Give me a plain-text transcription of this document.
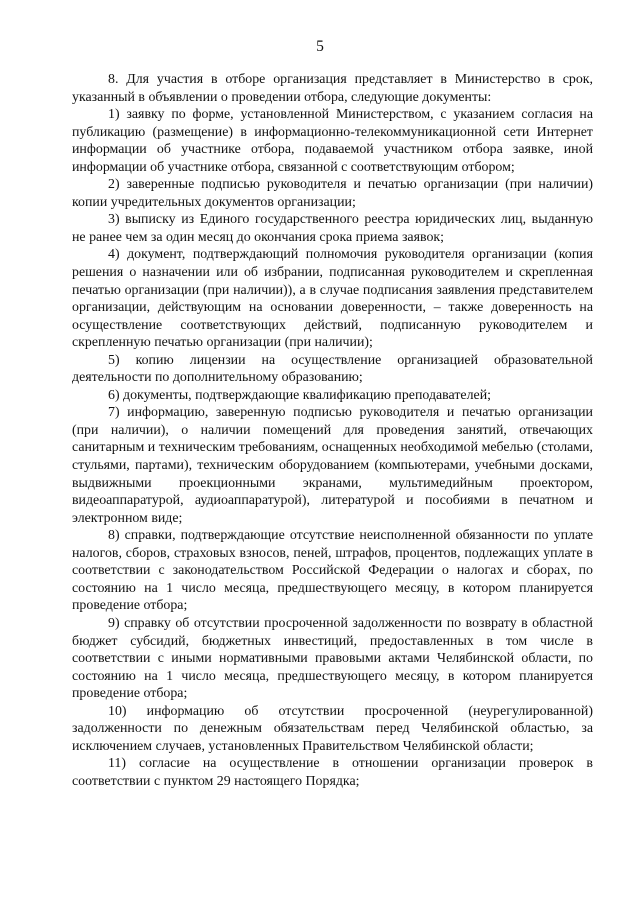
5

8. Для участия в отборе организация представляет в Министерство в срок, указанный в объявлении о проведении отбора, следующие документы:

1) заявку по форме, установленной Министерством, с указанием согласия на публикацию (размещение) в информационно-телекоммуникационной сети Интернет информации об участнике отбора, подаваемой участником отбора заявке, иной информации об участнике отбора, связанной с соответствующим отбором;

2) заверенные подписью руководителя и печатью организации (при наличии) копии учредительных документов организации;

3) выписку из Единого государственного реестра юридических лиц, выданную не ранее чем за один месяц до окончания срока приема заявок;

4) документ, подтверждающий полномочия руководителя организации (копия решения о назначении или об избрании, подписанная руководителем и скрепленная печатью организации (при наличии)), а в случае подписания заявления представителем организации, действующим на основании доверенности, – также доверенность на осуществление соответствующих действий, подписанную руководителем и скрепленную печатью организации (при наличии);

5) копию лицензии на осуществление организацией образовательной деятельности по дополнительному образованию;

6) документы, подтверждающие квалификацию преподавателей;

7) информацию, заверенную подписью руководителя и печатью организации (при наличии), о наличии помещений для проведения занятий, отвечающих санитарным и техническим требованиям, оснащенных необходимой мебелью (столами, стульями, партами), техническим оборудованием (компьютерами, учебными досками, выдвижными проекционными экранами, мультимедийным проектором, видеоаппаратурой, аудиоаппаратурой), литературой и пособиями в печатном и электронном виде;

8) справки, подтверждающие отсутствие неисполненной обязанности по уплате налогов, сборов, страховых взносов, пеней, штрафов, процентов, подлежащих уплате в соответствии с законодательством Российской Федерации о налогах и сборах, по состоянию на 1 число месяца, предшествующего месяцу, в котором планируется проведение отбора;

9) справку об отсутствии просроченной задолженности по возврату в областной бюджет субсидий, бюджетных инвестиций, предоставленных в том числе в соответствии с иными нормативными правовыми актами Челябинской области, по состоянию на 1 число месяца, предшествующего месяцу, в котором планируется проведение отбора;

10) информацию об отсутствии просроченной (неурегулированной) задолженности по денежным обязательствам перед Челябинской областью, за исключением случаев, установленных Правительством Челябинской области;

11) согласие на осуществление в отношении организации проверок в соответствии с пунктом 29 настоящего Порядка;
